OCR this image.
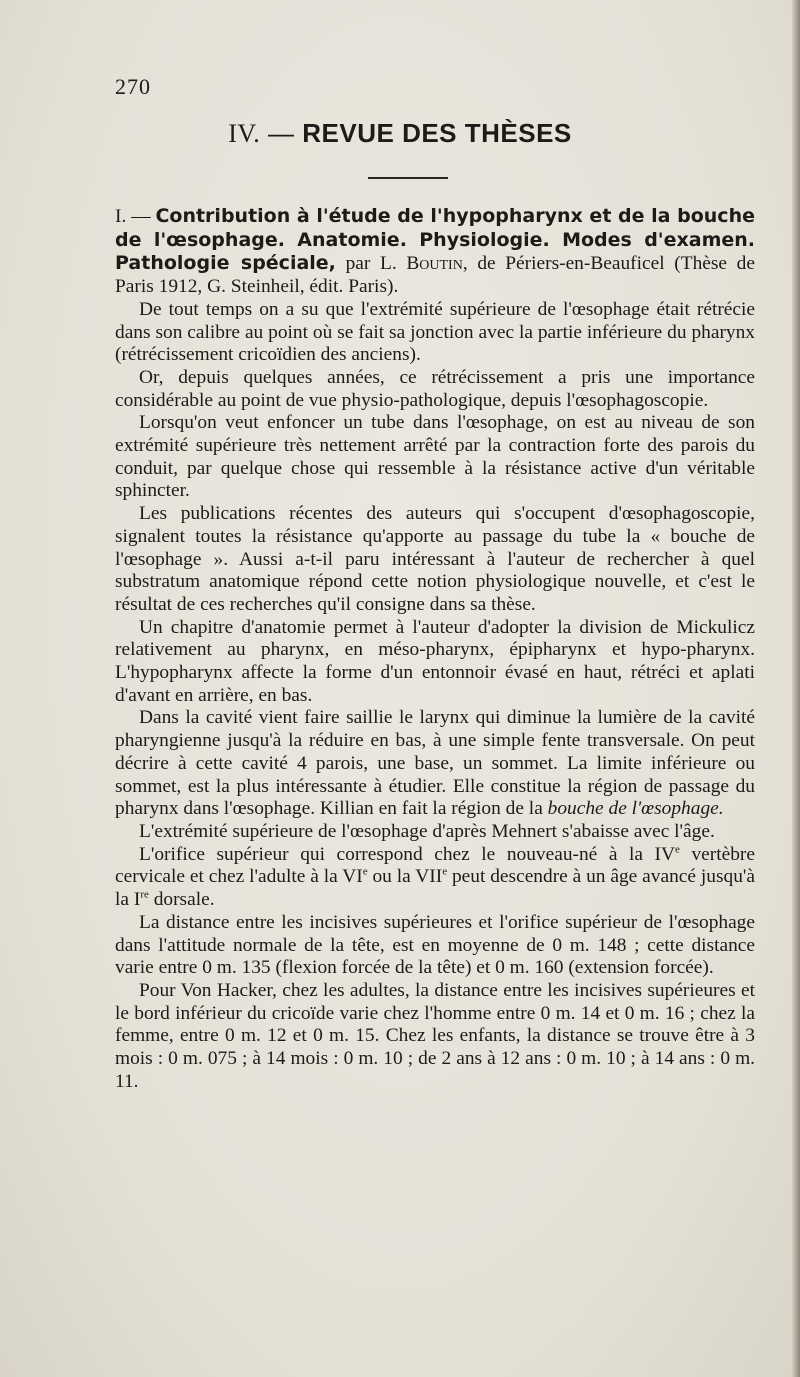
270
IV. — REVUE DES THÈSES

I. — Contribution à l'étude de l'hypopharynx et de la bouche de l'œsophage. Anatomie. Physiologie. Modes d'examen. Pathologie spéciale, par L. Boutin, de Périers-en-Beauficel (Thèse de Paris 1912, G. Steinheil, édit. Paris).

De tout temps on a su que l'extrémité supérieure de l'œsophage était rétrécie dans son calibre au point où se fait sa jonction avec la partie inférieure du pharynx (rétrécissement cricoïdien des anciens).

Or, depuis quelques années, ce rétrécissement a pris une importance considérable au point de vue physio-pathologique, depuis l'œsophagoscopie.

Lorsqu'on veut enfoncer un tube dans l'œsophage, on est au niveau de son extrémité supérieure très nettement arrêté par la contraction forte des parois du conduit, par quelque chose qui ressemble à la résistance active d'un véritable sphincter.

Les publications récentes des auteurs qui s'occupent d'œsophagoscopie, signalent toutes la résistance qu'apporte au passage du tube la « bouche de l'œsophage ». Aussi a-t-il paru intéressant à l'auteur de rechercher à quel substratum anatomique répond cette notion physiologique nouvelle, et c'est le résultat de ces recherches qu'il consigne dans sa thèse.

Un chapitre d'anatomie permet à l'auteur d'adopter la division de Mickulicz relativement au pharynx, en méso-pharynx, épipharynx et hypo-pharynx. L'hypopharynx affecte la forme d'un entonnoir évasé en haut, rétréci et aplati d'avant en arrière, en bas.

Dans la cavité vient faire saillie le larynx qui diminue la lumière de la cavité pharyngienne jusqu'à la réduire en bas, à une simple fente transversale. On peut décrire à cette cavité 4 parois, une base, un sommet. La limite inférieure ou sommet, est la plus intéressante à étudier. Elle constitue la région de passage du pharynx dans l'œsophage. Killian en fait la région de la bouche de l'œsophage.

L'extrémité supérieure de l'œsophage d'après Mehnert s'abaisse avec l'âge.

L'orifice supérieur qui correspond chez le nouveau-né à la IVe vertèbre cervicale et chez l'adulte à la VIe ou la VIIe peut descendre à un âge avancé jusqu'à la Ire dorsale.

La distance entre les incisives supérieures et l'orifice supérieur de l'œsophage dans l'attitude normale de la tête, est en moyenne de 0 m. 148 ; cette distance varie entre 0 m. 135 (flexion forcée de la tête) et 0 m. 160 (extension forcée).

Pour Von Hacker, chez les adultes, la distance entre les incisives supérieures et le bord inférieur du cricoïde varie chez l'homme entre 0 m. 14 et 0 m. 16 ; chez la femme, entre 0 m. 12 et 0 m. 15. Chez les enfants, la distance se trouve être à 3 mois : 0 m. 075 ; à 14 mois : 0 m. 10 ; de 2 ans à 12 ans : 0 m. 10 ; à 14 ans : 0 m. 11.
